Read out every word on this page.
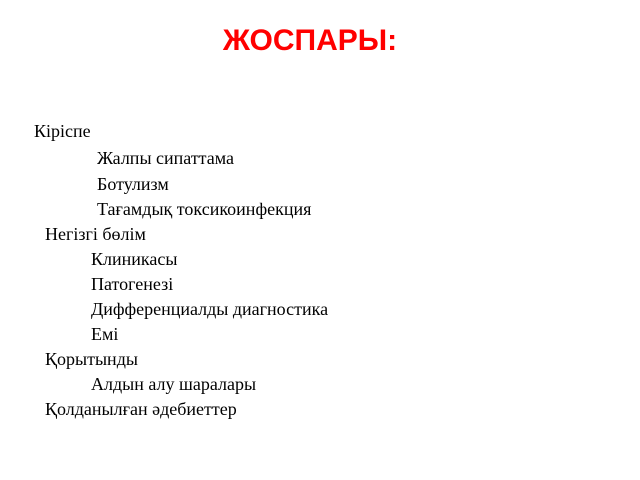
ЖОСПАРЫ:
Кіріспе
Жалпы сипаттама
Ботулизм
Тағамдық токсикоинфекция
Негізгі бөлім
Клиникасы
Патогенезі
Дифференциалды диагностика
Емі
Қорытынды
Алдын алу шаралары
Қолданылған әдебиеттер
